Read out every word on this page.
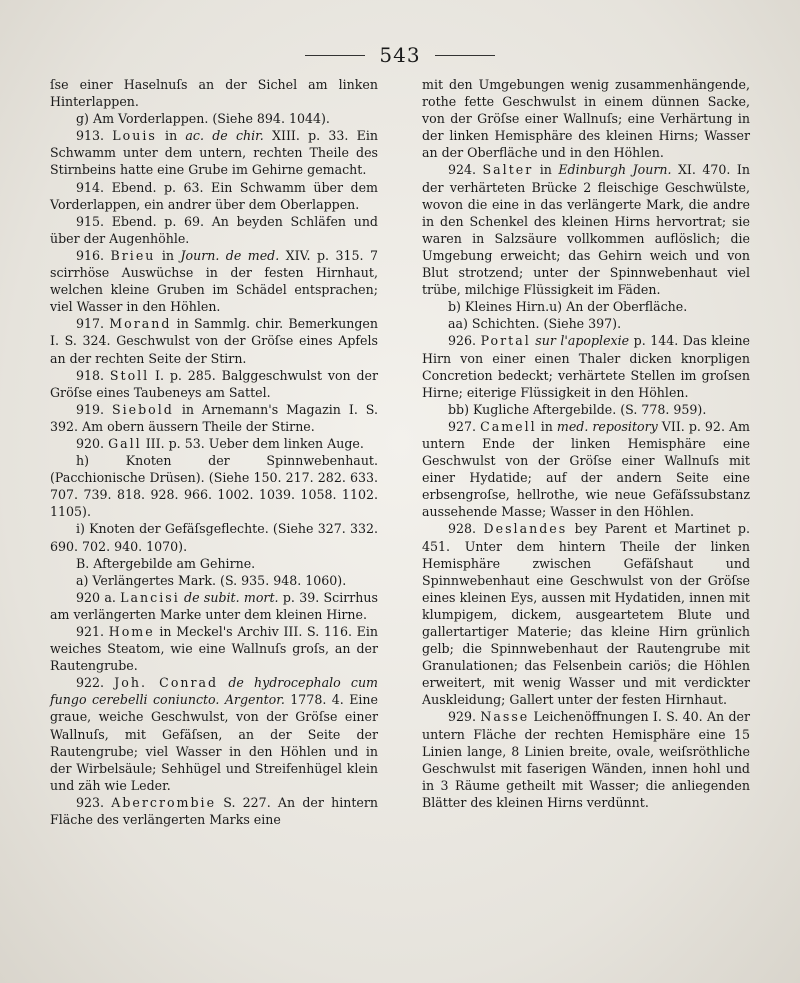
543

ſse einer Haselnuſs an der Sichel am linken Hinterlappen.

g) Am Vorderlappen. (Siehe 894. 1044).

913. Louis in ac. de chir. XIII. p. 33. Ein Schwamm unter dem untern, rechten Theile des Stirnbeins hatte eine Grube im Gehirne gemacht.

914. Ebend. p. 63. Ein Schwamm über dem Vorderlappen, ein andrer über dem Oberlappen.

915. Ebend. p. 69. An beyden Schläfen und über der Augenhöhle.

916. Brieu in Journ. de med. XIV. p. 315. 7 scirrhöse Auswüchse in der festen Hirnhaut, welchen kleine Gruben im Schädel entsprachen; viel Wasser in den Höhlen.

917. Morand in Sammlg. chir. Bemerkungen I. S. 324. Geschwulst von der Gröſse eines Apfels an der rechten Seite der Stirn.

918. Stoll I. p. 285. Balggeschwulst von der Gröſse eines Taubeneys am Sattel.

919. Siebold in Arnemann's Magazin I. S. 392. Am obern äussern Theile der Stirne.

920. Gall III. p. 53. Ueber dem linken Auge.

h) Knoten der Spinnwebenhaut. (Pacchionische Drüsen). (Siehe 150. 217. 282. 633. 707. 739. 818. 928. 966. 1002. 1039. 1058. 1102. 1105).

i) Knoten der Gefäſsgeflechte. (Siehe 327. 332. 690. 702. 940. 1070).

B. Aftergebilde am Gehirne.

a) Verlängertes Mark. (S. 935. 948. 1060).

920 a. Lancisi de subit. mort. p. 39. Scirrhus am verlängerten Marke unter dem kleinen Hirne.

921. Home in Meckel's Archiv III. S. 116. Ein weiches Steatom, wie eine Wallnuſs groſs, an der Rautengrube.

922. Joh. Conrad de hydrocephalo cum fungo cerebelli coniuncto. Argentor. 1778. 4. Eine graue, weiche Geschwulst, von der Gröſse einer Wallnuſs, mit Gefäſsen, an der Seite der Rautengrube; viel Wasser in den Höhlen und in der Wirbelsäule; Sehhügel und Streifenhügel klein und zäh wie Leder.

923. Abercrombie S. 227. An der hintern Fläche des verlängerten Marks eine

mit den Umgebungen wenig zusammenhängende, rothe fette Geschwulst in einem dünnen Sacke, von der Gröſse einer Wallnuſs; eine Verhärtung in der linken Hemisphäre des kleinen Hirns; Wasser an der Oberfläche und in den Höhlen.

924. Salter in Edinburgh Journ. XI. 470. In der verhärteten Brücke 2 fleischige Geschwülste, wovon die eine in das verlängerte Mark, die andre in den Schenkel des kleinen Hirns hervortrat; sie waren in Salzsäure vollkommen auflöslich; die Umgebung erweicht; das Gehirn weich und von Blut strotzend; unter der Spinnwebenhaut viel trübe, milchige Flüssigkeit im Fäden.

b) Kleines Hirn.u) An der Oberfläche.

aa) Schichten. (Siehe 397).

926. Portal sur l'apoplexie p. 144. Das kleine Hirn von einer einen Thaler dicken knorpligen Concretion bedeckt; verhärtete Stellen im groſsen Hirne; eiterige Flüssigkeit in den Höhlen.

bb) Kugliche Aftergebilde. (S. 778. 959).

927. Camell in med. repository VII. p. 92. Am untern Ende der linken Hemisphäre eine Geschwulst von der Gröſse einer Wallnuſs mit einer Hydatide; auf der andern Seite eine erbsengroſse, hellrothe, wie neue Gefäſssubstanz aussehende Masse; Wasser in den Höhlen.

928. Deslandes bey Parent et Martinet p. 451. Unter dem hintern Theile der linken Hemisphäre zwischen Gefäſshaut und Spinnwebenhaut eine Geschwulst von der Gröſse eines kleinen Eys, aussen mit Hydatiden, innen mit klumpigem, dickem, ausgeartetem Blute und gallertartiger Materie; das kleine Hirn grünlich gelb; die Spinnwebenhaut der Rautengrube mit Granulationen; das Felsenbein cariös; die Höhlen erweitert, mit wenig Wasser und mit verdickter Auskleidung; Gallert unter der festen Hirnhaut.

929. Nasse Leichenöffnungen I. S. 40. An der untern Fläche der rechten Hemisphäre eine 15 Linien lange, 8 Linien breite, ovale, weiſsröthliche Geschwulst mit faserigen Wänden, innen hohl und in 3 Räume getheilt mit Wasser; die anliegenden Blätter des kleinen Hirns verdünnt.
